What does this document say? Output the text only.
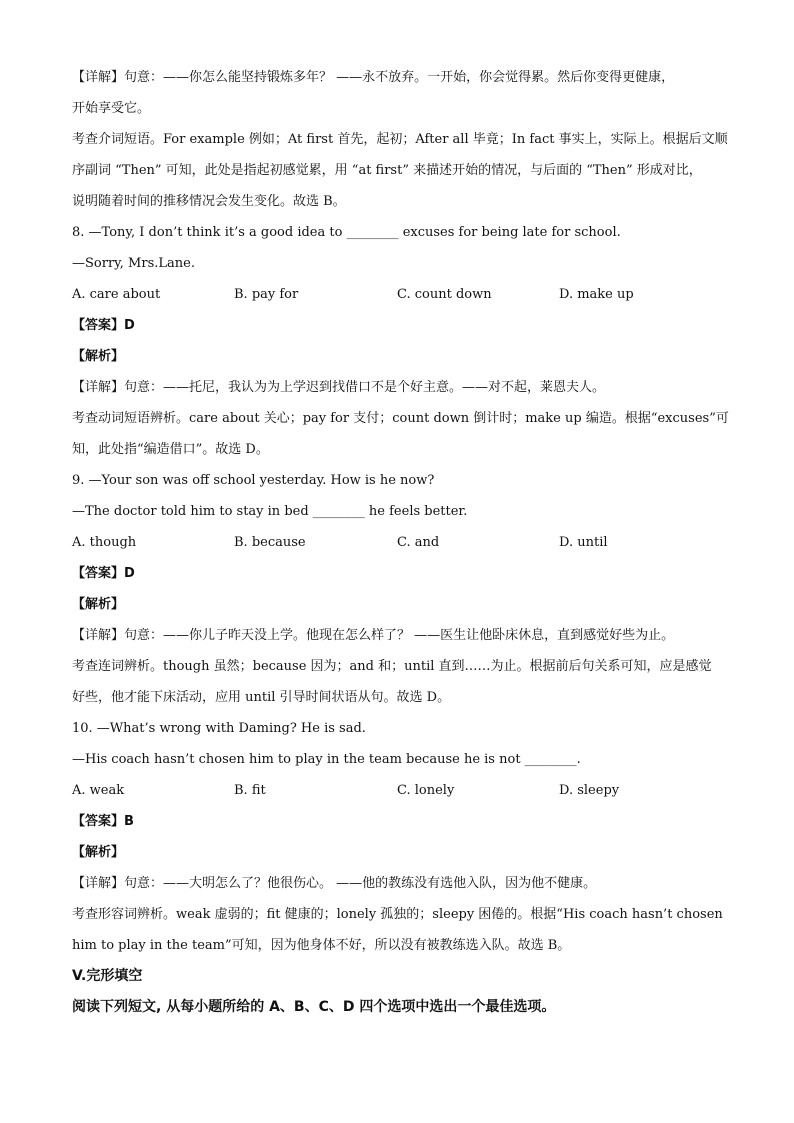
【详解】句意：——你怎么能坚持锻炼多年？ ——永不放弃。一开始，你会觉得累。然后你变得更健康，

开始享受它。

考查介词短语。For example 例如；At first 首先，起初；After all 毕竟；In fact 事实上，实际上。根据后文顺

序副词 “Then” 可知，此处是指起初感觉累，用 “at first” 来描述开始的情况，与后面的 “Then” 形成对比，

说明随着时间的推移情况会发生变化。故选 B。

8. —Tony, I don’t think it’s a good idea to ________ excuses for being late for school.

—Sorry, Mrs.Lane.

A. care about	B. pay for	C. count down	D. make up

【答案】D

【解析】

【详解】句意：——托尼，我认为为上学迟到找借口不是个好主意。——对不起，莱恩夫人。

考查动词短语辨析。care about 关心；pay for 支付；count down 倒计时；make up 编造。根据“excuses”可

知，此处指“编造借口”。故选 D。

9. —Your son was off school yesterday. How is he now?

—The doctor told him to stay in bed ________ he feels better.

A. though	B. because	C. and	D. until

【答案】D

【解析】

【详解】句意：——你儿子昨天没上学。他现在怎么样了？ ——医生让他卧床休息，直到感觉好些为止。

考查连词辨析。though 虽然；because 因为；and 和；until 直到……为止。根据前后句关系可知，应是感觉

好些，他才能下床活动，应用 until 引导时间状语从句。故选 D。

10. —What’s wrong with Daming? He is sad.

—His coach hasn’t chosen him to play in the team because he is not ________.

A. weak	B. fit	C. lonely	D. sleepy

【答案】B

【解析】

【详解】句意：——大明怎么了？他很伤心。 ——他的教练没有选他入队，因为他不健康。

考查形容词辨析。weak 虚弱的；fit 健康的；lonely 孤独的；sleepy 困倦的。根据“His coach hasn’t chosen

him to play in the team”可知，因为他身体不好，所以没有被教练选入队。故选 B。

V.完形填空

阅读下列短文, 从每小题所给的 A、B、C、D 四个选项中选出一个最佳选项。
